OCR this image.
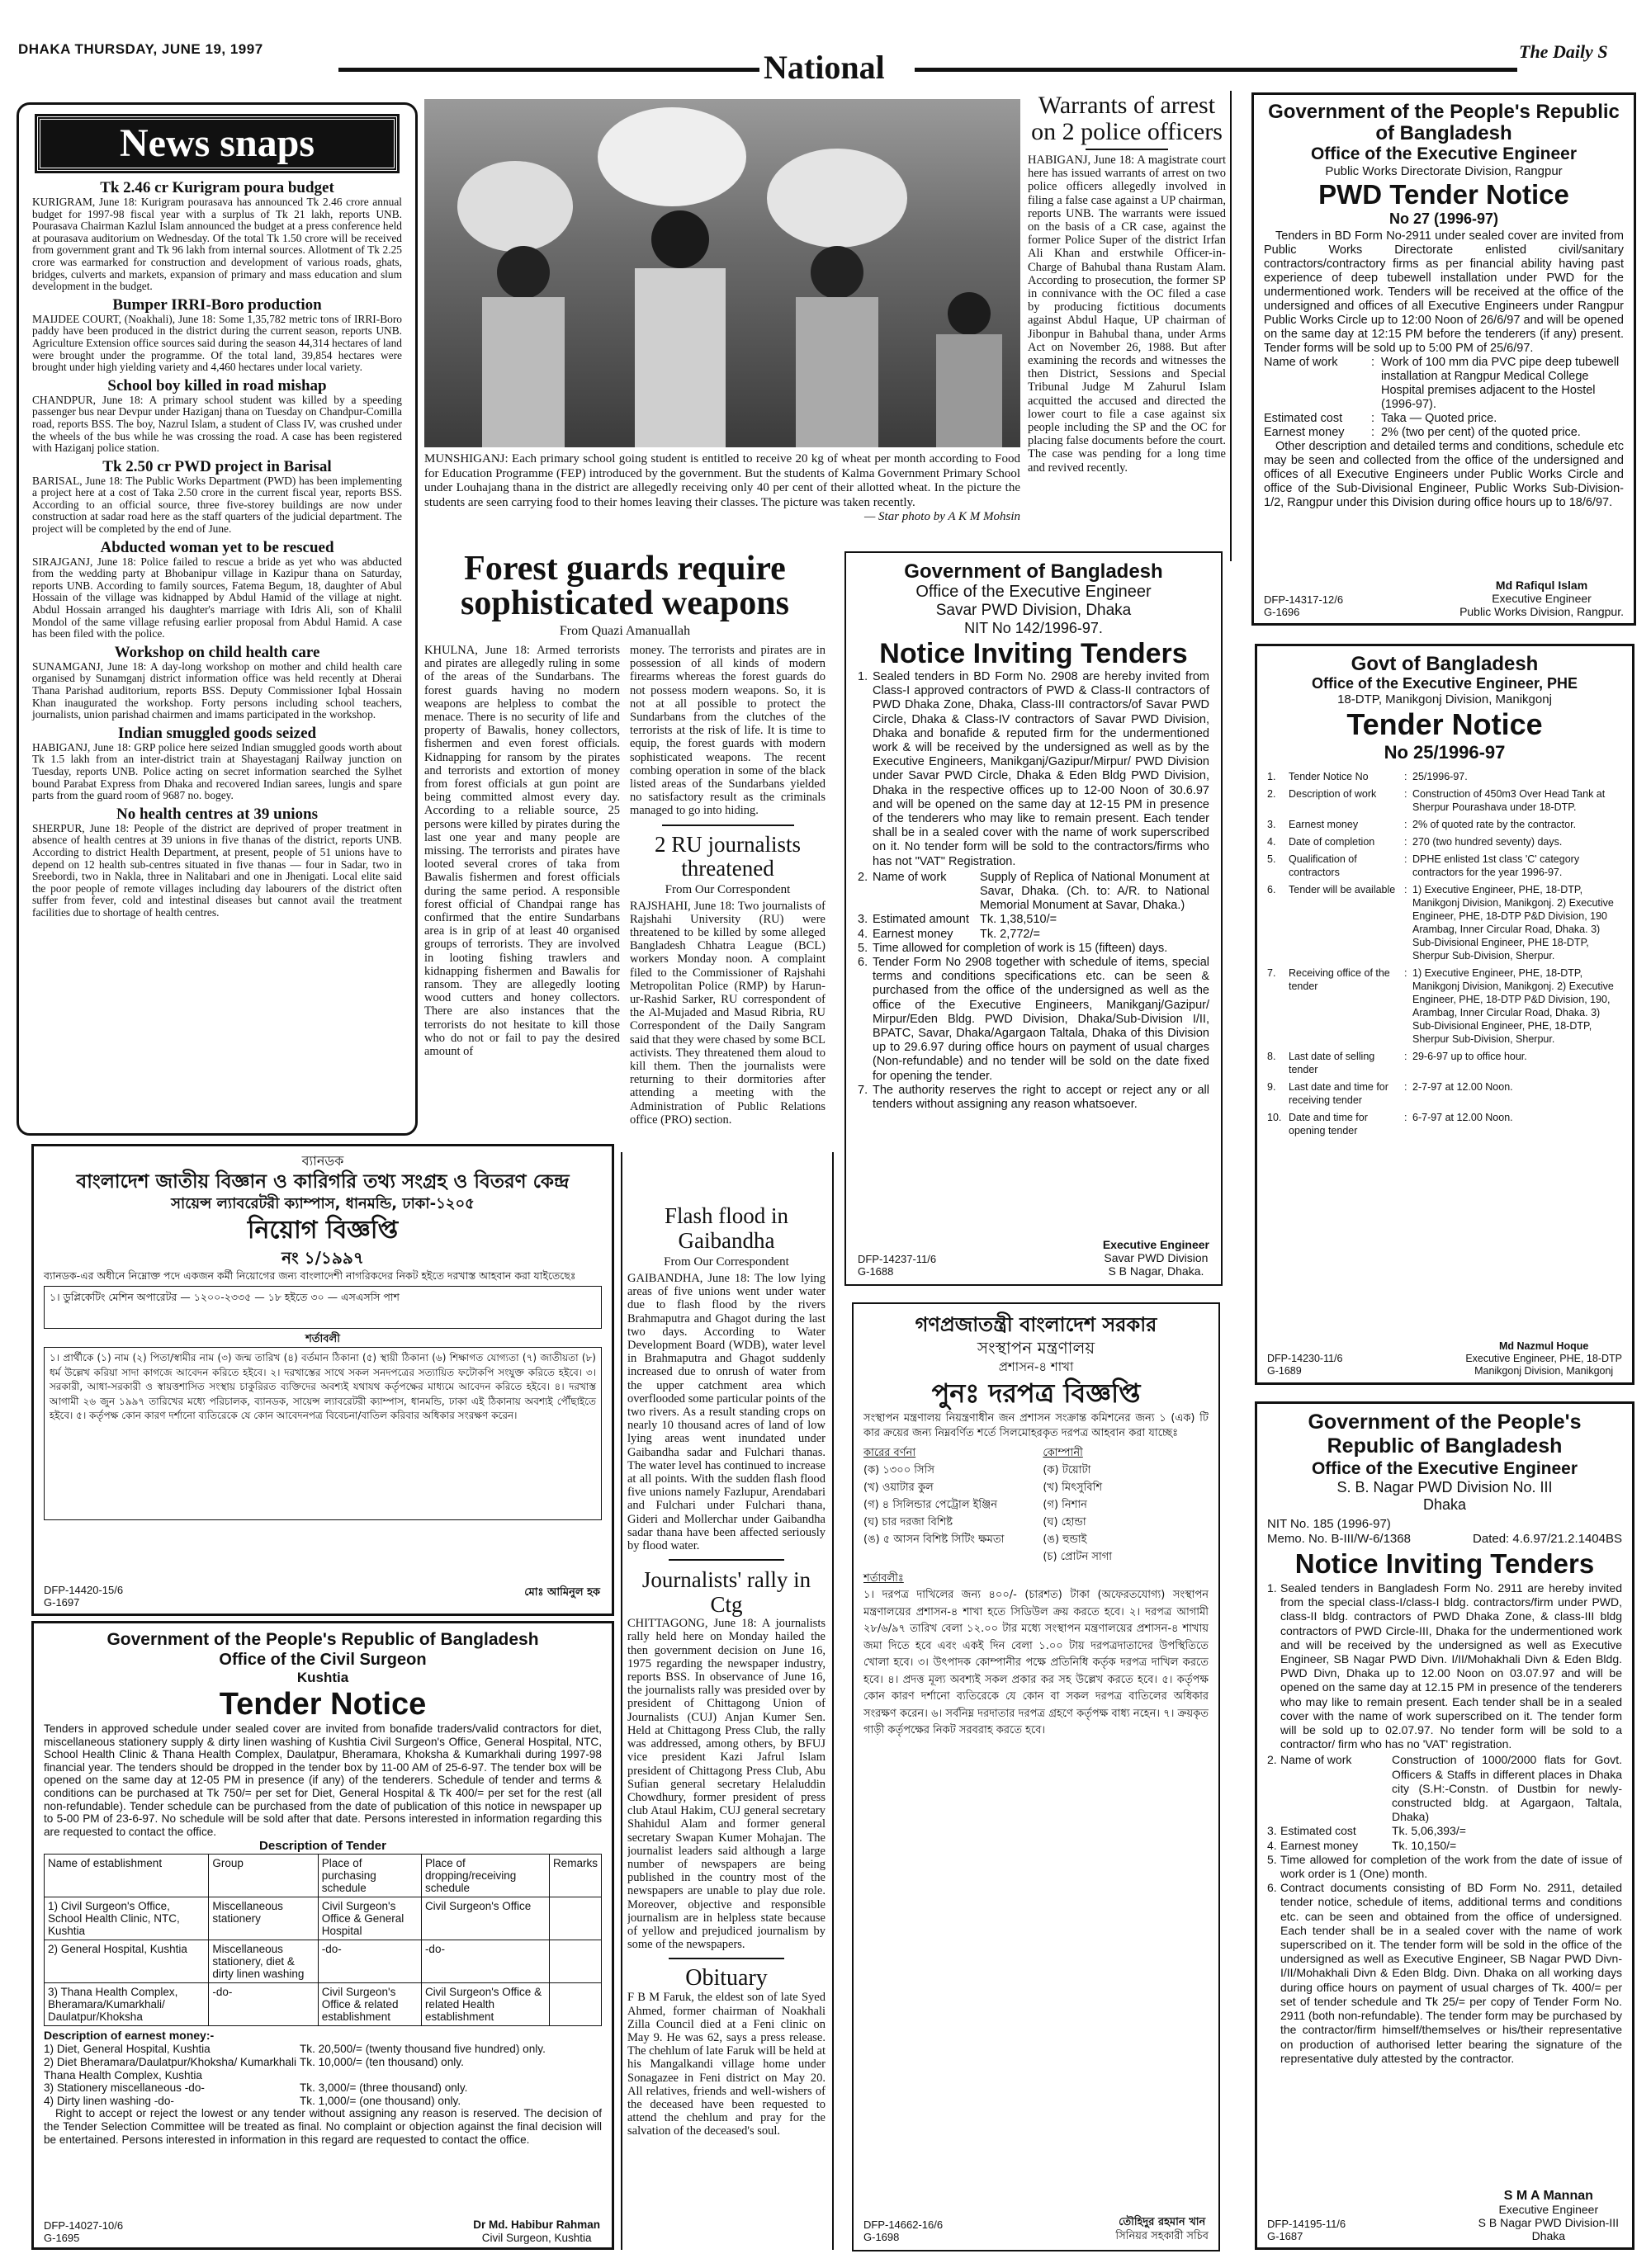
DHAKA THURSDAY, JUNE 19, 1997	National	The Daily S
News snaps
Tk 2.46 cr Kurigram poura budget
KURIGRAM, June 18: Kurigram pourasava has announced Tk 2.46 crore annual budget for 1997-98 fiscal year with a surplus of Tk 21 lakh, reports UNB. Pourasava Chairman Kazlul Islam announced the budget at a press conference held at pourasava auditorium on Wednesday. Of the total Tk 1.50 crore will be received from government grant and Tk 96 lakh from internal sources. Allotment of Tk 2.25 crore was earmarked for construction and development of various roads, ghats, bridges, culverts and markets, expansion of primary and mass education and slum development in the budget.
Bumper IRRI-Boro production
MAIJDEE COURT, (Noakhali), June 18: Some 1,35,782 metric tons of IRRI-Boro paddy have been produced in the district during the current season, reports UNB. Agriculture Extension office sources said during the season 44,314 hectares of land were brought under the programme. Of the total land, 39,854 hectares were brought under high yielding variety and 4,460 hectares under local variety.
School boy killed in road mishap
CHANDPUR, June 18: A primary school student was killed by a speeding passenger bus near Devpur under Haziganj thana on Tuesday on Chandpur-Comilla road, reports BSS. The boy, Nazrul Islam, a student of Class IV, was crushed under the wheels of the bus while he was crossing the road. A case has been registered with Haziganj police station.
Tk 2.50 cr PWD project in Barisal
BARISAL, June 18: The Public Works Department (PWD) has been implementing a project here at a cost of Taka 2.50 crore in the current fiscal year, reports BSS. According to an official source, three five-storey buildings are now under construction at sadar road here as the staff quarters of the judicial department. The project will be completed by the end of June.
Abducted woman yet to be rescued
SIRAJGANJ, June 18: Police failed to rescue a bride as yet who was abducted from the wedding party at Bhobanipur village in Kazipur thana on Saturday, reports UNB. According to family sources, Fatema Begum, 18, daughter of Abul Hossain of the village was kidnapped by Abdul Hamid of the village at night. Abdul Hossain arranged his daughter's marriage with Idris Ali, son of Khalil Mondol of the same village refusing earlier proposal from Abdul Hamid. A case has been filed with the police.
Workshop on child health care
SUNAMGANJ, June 18: A day-long workshop on mother and child health care organised by Sunamganj district information office was held recently at Dherai Thana Parishad auditorium, reports BSS. Deputy Commissioner Iqbal Hossain Khan inaugurated the workshop. Forty persons including school teachers, journalists, union parishad chairmen and imams participated in the workshop.
Indian smuggled goods seized
HABIGANJ, June 18: GRP police here seized Indian smuggled goods worth about Tk 1.5 lakh from an inter-district train at Shayestaganj Railway junction on Tuesday, reports UNB. Police acting on secret information searched the Sylhet bound Parabat Express from Dhaka and recovered Indian sarees, lungis and spare parts from the guard room of 9687 no. bogey.
No health centres at 39 unions
SHERPUR, June 18: People of the district are deprived of proper treatment in absence of health centres at 39 unions in five thanas of the district, reports UNB. According to district Health Department, at present, people of 51 unions have to depend on 12 health sub-centres situated in five thanas — four in Sadar, two in Sreebordi, two in Nakla, three in Nalitabari and one in Jhenigati. Local elite said the poor people of remote villages including day labourers of the district often suffer from fever, cold and intestinal diseases but cannot avail the treatment facilities due to shortage of health centres.
MUNSHIGANJ: Each primary school going student is entitled to receive 20 kg of wheat per month according to Food for Education Programme (FEP) introduced by the government. But the students of Kalma Government Primary School under Louhajang thana in the district are allegedly receiving only 40 per cent of their allotted wheat. In the picture the students are seen carrying food to their homes leaving their classes. The picture was taken recently.
— Star photo by A K M Mohsin
Warrants of arrest on 2 police officers
HABIGANJ, June 18: A magistrate court here has issued warrants of arrest on two police officers allegedly involved in filing a false case against a UP chairman, reports UNB. The warrants were issued on the basis of a CR case, against the former Police Super of the district Irfan Ali Khan and erstwhile Officer-in-Charge of Bahubal thana Rustam Alam. According to prosecution, the former SP in connivance with the OC filed a case by producing fictitious documents against Abdul Haque, UP chairman of Jibonpur in Bahubal thana, under Arms Act on November 26, 1988. But after examining the records and witnesses the then District, Sessions and Special Tribunal Judge M Zahurul Islam acquitted the accused and directed the lower court to file a case against six people including the SP and the OC for placing false documents before the court. The case was pending for a long time and revived recently.
Forest guards require sophisticated weapons
From Quazi Amanuallah
KHULNA, June 18: Armed terrorists and pirates are allegedly ruling in some of the areas of the Sundarbans. The forest guards having no modern weapons are helpless to combat the menace. There is no security of life and property of Bawalis, honey collectors, fishermen and even forest officials. Kidnapping for ransom by the pirates and terrorists and extortion of money from forest officials at gun point are being committed almost every day. According to a reliable source, 25 persons were killed by pirates during the last one year and many people are missing. The terrorists and pirates have looted several crores of taka from Bawalis fishermen and forest officials during the same period. A responsible forest official of Chandpai range has confirmed that the entire Sundarbans area is in grip of at least 40 organised groups of terrorists. They are involved in looting fishing trawlers and kidnapping fishermen and Bawalis for ransom. They are allegedly looting wood cutters and honey collectors. There are also instances that the terrorists do not hesitate to kill those who do not or fail to pay the desired amount of
money. The terrorists and pirates are in possession of all kinds of modern firearms whereas the forest guards do not possess modern weapons. So, it is not at all possible to protect the Sundarbans from the clutches of the terrorists at the risk of life. It is time to equip, the forest guards with modern sophisticated weapons. The recent combing operation in some of the black listed areas of the Sundarbans yielded no satisfactory result as the criminals managed to go into hiding.
2 RU journalists threatened
From Our Correspondent
RAJSHAHI, June 18: Two journalists of Rajshahi University (RU) were threatened to be killed by some alleged Bangladesh Chhatra League (BCL) workers Monday noon. A complaint filed to the Commissioner of Rajshahi Metropolitan Police (RMP) by Harun-ur-Rashid Sarker, RU correspondent of the Al-Mujaded and Masud Ribria, RU Correspondent of the Daily Sangram said that they were chased by some BCL activists. They threatened them aloud to kill them. Then the journalists were returning to their dormitories after attending a meeting with the Administration of Public Relations office (PRO) section.
Flash flood in Gaibandha
From Our Correspondent
GAIBANDHA, June 18: The low lying areas of five unions went under water due to flash flood by the rivers Brahmaputra and Ghagot during the last two days. According to Water Development Board (WDB), water level in Brahmaputra and Ghagot suddenly increased due to onrush of water from the upper catchment area which overflooded some particular points of the two rivers. As a result standing crops on nearly 10 thousand acres of land of low lying areas went inundated under Gaibandha sadar and Fulchari thanas. The water level has continued to increase at all points. With the sudden flash flood five unions namely Fazlupur, Arendabari and Fulchari under Fulchari thana, Gideri and Mollerchar under Gaibandha sadar thana have been affected seriously by flood water.
Journalists' rally in Ctg
CHITTAGONG, June 18: A journalists rally held here on Monday hailed the then government decision on June 16, 1975 regarding the newspaper industry, reports BSS. In observance of June 16, the journalists rally was presided over by president of Chittagong Union of Journalists (CUJ) Anjan Kumer Sen. Held at Chittagong Press Club, the rally was addressed, among others, by BFUJ vice president Kazi Jafrul Islam president of Chittagong Press Club, Abu Sufian general secretary Helaluddin Chowdhury, former president of press club Ataul Hakim, CUJ general secretary Shahidul Alam and former general secretary Swapan Kumer Mohajan. The journalist leaders said although a large number of newspapers are being published in the country most of the newspapers are unable to play due role. Moreover, objective and responsible journalism are in helpless state because of yellow and prejudiced journalism by some of the newspapers.
Obituary
F B M Faruk, the eldest son of late Syed Ahmed, former chairman of Noakhali Zilla Council died at a Feni clinic on May 9. He was 62, says a press release. The chehlum of late Faruk will be held at his Mangalkandi village home under Sonagazee in Feni district on May 20. All relatives, friends and well-wishers of the deceased have been requested to attend the chehlum and pray for the salvation of the deceased's soul.
Government of Bangladesh
Office of the Executive Engineer
Savar PWD Division, Dhaka
NIT No 142/1996-97.
Notice Inviting Tenders
1. Sealed tenders in BD Form No. 2908 are hereby invited from Class-I approved contractors of PWD & Class-II contractors of PWD Dhaka Zone, Dhaka, Class-III contractors/of Savar PWD Circle, Dhaka & Class-IV contractors of Savar PWD Division, Dhaka and bonafide & reputed firm for the undermentioned work & will be received by the undersigned as well as by the Executive Engineers, Manikganj/Gazipur/Mirpur/ PWD Division under Savar PWD Circle, Dhaka & Eden Bldg PWD Division, Dhaka in the respective offices up to 12-00 Noon of 30.6.97 and will be opened on the same day at 12-15 PM in presence of the tenderers who may like to remain present. Each tender shall be in a sealed cover with the name of work superscribed on it. No tender form will be sold to the contractors/firms who has not "VAT" Registration.
2. Name of work	Supply of Replica of National Monument at Savar, Dhaka. (Ch. to: A/R. to National Memorial Monument at Savar, Dhaka.)
3. Estimated amount Tk. 1,38,510/=
4. Earnest money	Tk. 2,772/=
5. Time allowed for completion of work is 15 (fifteen) days.
6. Tender Form No 2908 together with schedule of items, special terms and conditions specifications etc. can be seen & purchased from the office of the undersigned as well as the office of the Executive Engineers, Manikganj/Gazipur/ Mirpur/Eden Bldg. PWD Division, Dhaka/Sub-Division I/II, BPATC, Savar, Dhaka/Agargaon Taltala, Dhaka of this Division up to 29.6.97 during office hours on payment of usual charges (Non-refundable) and no tender will be sold on the date fixed for opening the tender.
7. The authority reserves the right to accept or reject any or all tenders without assigning any reason whatsoever.
Executive Engineer
Savar PWD Division
S B Nagar, Dhaka.
DFP-14237-11/6
G-1688
গণপ্রজাতন্ত্রী বাংলাদেশ সরকার
সংস্থাপন মন্ত্রণালয়
প্রশাসন-৪ শাখা
পুনঃ দরপত্র বিজ্ঞপ্তি
সংস্থাপন মন্ত্রণালয় নিয়ন্ত্রণাধীন জন প্রশাসন সংক্রান্ত কমিশনের জন্য ১ (এক) টি কার ক্রয়ের জন্য নিম্নবর্ণিত শর্তে সিলমোহরকৃত দরপত্র আহবান করা যাচ্ছেঃ
কারের বর্ণনা
(ক) ১৩০০ সিসি
(খ) ওয়াটার কুল
(গ) ৪ সিলিন্ডার পেট্রোল ইঞ্জিন
(ঘ) চার দরজা বিশিষ্ট
(ঙ) ৫ আসন বিশিষ্ট সিটিং ক্ষমতা
কোম্পানী
(ক) টয়োটা
(খ) মিৎসুবিশি
(গ) নিশান
(ঘ) হোন্ডা
(ঙ) হুন্ডাই
(চ) প্রোটন সাগা
শর্তাবলীঃ
১। দরপত্র দাখিলের জন্য ৪০০/- (চারশত) টাকা (অফেরতযোগ্য) সংস্থাপন মন্ত্রণালয়ের প্রশাসন-৪ শাখা হতে সিডিউল ক্রয় করতে হবে। ২। দরপত্র আগামী ২৮/৬/৯৭ তারিখ বেলা ১২.০০ টার মধ্যে সংস্থাপন মন্ত্রণালয়ের প্রশাসন-৪ শাখায় জমা দিতে হবে এবং একই দিন বেলা ১.০০ টায় দরপত্রদাতাদের উপস্থিতিতে খোলা হবে। ৩। উৎপাদক কোম্পানীর পক্ষে প্রতিনিধি কর্তৃক দরপত্র দাখিল করতে হবে। ৪। প্রদত্ত মূল্য অবশ্যই সকল প্রকার কর সহ উল্লেখ করতে হবে। ৫। কর্তৃপক্ষ কোন কারণ দর্শানো ব্যতিরেকে যে কোন বা সকল দরপত্র বাতিলের অধিকার সংরক্ষণ করেন। ৬। সর্বনিম্ন দরদাতার দরপত্র গ্রহণে কর্তৃপক্ষ বাধ্য নহেন। ৭। ক্রয়কৃত গাড়ী কর্তৃপক্ষের নিকট সরবরাহ করতে হবে।
DFP-14662-16/6
G-1698
তৌহিদুর রহমান খান
সিনিয়র সহকারী সচিব
Government of the People's Republic of Bangladesh
Office of the Executive Engineer
Public Works Directorate Division, Rangpur
PWD Tender Notice
No 27 (1996-97)
Tenders in BD Form No-2911 under sealed cover are invited from Public Works Directorate enlisted civil/sanitary contractors/contractory firms as per financial ability having past experience of deep tubewell installation under PWD for the undermentioned work. Tenders will be received at the office of the undersigned and offices of all Executive Engineers under Rangpur Public Works Circle up to 12:00 Noon of 26/6/97 and will be opened on the same day at 12:15 PM before the tenderers (if any) present. Tender forms will be sold up to 5:00 PM of 25/6/97.
Name of work	: Work of 100 mm dia PVC pipe deep tubewell installation at Rangpur Medical College Hospital premises adjacent to the Hostel (1996-97).
Estimated cost	: Taka — Quoted price.
Earnest money	: 2% (two per cent) of the quoted price.
Other description and detailed terms and conditions, schedule etc may be seen and collected from the office of the undersigned and offices of all Executive Engineers under Public Works Circle and office of the Sub-Divisional Engineer, Public Works Sub-Division-1/2, Rangpur under this Division during office hours up to 18/6/97.
Md Rafiqul Islam
Executive Engineer
Public Works Division, Rangpur.
DFP-14317-12/6
G-1696
Govt of Bangladesh
Office of the Executive Engineer, PHE
18-DTP, Manikgonj Division, Manikgonj
Tender Notice
No 25/1996-97
1.	Tender Notice No	: 25/1996-97.
2.	Description of work	: Construction of 450m3 Over Head Tank at Sherpur Pourashava under 18-DTP.
3.	Earnest money	: 2% of quoted rate by the contractor.
4.	Date of completion	: 270 (two hundred seventy) days.
5.	Qualification of contractors
: DPHE enlisted 1st class 'C' category contractors for the year 1996-97.
6.	Tender will be available : 1) Executive Engineer, PHE, 18-DTP, Manikgonj Division, Manikgonj. 2) Executive Engineer, PHE, 18-DTP P&D Division, 190 Arambag, Inner Circular Road, Dhaka. 3) Sub-Divisional Engineer, PHE 18-DTP, Sherpur Sub-Division, Sherpur.
7.	Receiving office of the tender
: 1) Executive Engineer, PHE, 18-DTP, Manikgonj Division, Manikgonj. 2) Executive Engineer, PHE, 18-DTP P&D Division, 190, Arambag, Inner Circular Road, Dhaka. 3) Sub-Divisional Engineer, PHE, 18-DTP, Sherpur Sub-Division, Sherpur.
8.	Last date of selling tender
: 29-6-97 up to office hour.
9.	Last date and time for receiving tender
: 2-7-97 at 12.00 Noon.
10. Date and time for opening tender
: 6-7-97 at 12.00 Noon.
Md Nazmul Hoque
Executive Engineer, PHE, 18-DTP
Manikgonj Division, Manikgonj
DFP-14230-11/6
G-1689
Government of the People's Republic of Bangladesh
Office of the Executive Engineer
S. B. Nagar PWD Division No. III
Dhaka
NIT No. 185 (1996-97)
Memo. No. B-III/W-6/1368	Dated: 4.6.97/21.2.1404BS
Notice Inviting Tenders
1. Sealed tenders in Bangladesh Form No. 2911 are hereby invited from the special class-I/class-I bldg. contractors/firm under PWD, class-II bldg. contractors of PWD Dhaka Zone, & class-III bldg contractors of PWD Circle-III, Dhaka for the undermentioned work and will be received by the undersigned as well as Executive Engineer, SB Nagar PWD Divn. I/II/Mohakhali Divn & Eden Bldg. PWD Divn, Dhaka up to 12.00 Noon on 03.07.97 and will be opened on the same day at 12.15 PM in presence of the tenderers who may like to remain present. Each tender shall be in a sealed cover with the name of work superscribed on it. The tender form will be sold up to 02.07.97. No tender form will be sold to a contractor/ firm who has no 'VAT' registration.
2. Name of work	Construction of 1000/2000 flats for Govt. Officers & Staffs in different places in Dhaka city (S.H:-Constn. of Dustbin for newly-constructed bldg. at Agargaon, Taltala, Dhaka)
3. Estimated cost	Tk. 5,06,393/=
4. Earnest money	Tk. 10,150/=
5. Time allowed for completion of the work from the date of issue of work order is 1 (One) month.
6. Contract documents consisting of BD Form No. 2911, detailed tender notice, schedule of items, additional terms and conditions etc. can be seen and obtained from the office of undersigned. Each tender shall be in a sealed cover with the name of work superscribed on it. The tender form will be sold in the office of the undersigned as well as Executive Engineer, SB Nagar PWD Divn-I/II/Mohakhali Divn & Eden Bldg. Divn. Dhaka on all working days during office hours on payment of usual charges of Tk. 400/= per set of tender schedule and Tk 25/= per copy of Tender Form No. 2911 (both non-refundable). The tender form may be purchased by the contractor/firm himself/themselves or his/their representative on production of authorised letter bearing the signature of the representative duly attested by the contractor.
S M A Mannan
Executive Engineer
S B Nagar PWD Division-III
Dhaka
DFP-14195-11/6
G-1687
ব্যানডক
বাংলাদেশ জাতীয় বিজ্ঞান ও কারিগরি তথ্য সংগ্রহ ও বিতরণ কেন্দ্র
সায়েন্স ল্যাবরেটরী ক্যাম্পাস, ধানমন্ডি, ঢাকা-১২০৫
নিয়োগ বিজ্ঞপ্তি
নং ১/১৯৯৭
ব্যানডক-এর অধীনে নিম্নোক্ত পদে একজন কর্মী নিয়োগের জন্য বাংলাদেশী নাগরিকদের নিকট হইতে দরখাস্ত আহবান করা যাইতেছেঃ
১। ডুপ্লিকেটিং মেশিন অপারেটর — ১২০০-২৩৩৫ — ১৮ হইতে ৩০ — এসএসসি পাশ
শর্তাবলী
১। প্রার্থীকে (১) নাম (২) পিতা/স্বামীর নাম (৩) জন্ম তারিখ (৪) বর্তমান ঠিকানা (৫) স্থায়ী ঠিকানা (৬) শিক্ষাগত যোগ্যতা (৭) জাতীয়তা (৮) ধর্ম উল্লেখ করিয়া সাদা কাগজে আবেদন করিতে হইবে। ২। দরখাস্তের সাথে সকল সনদপত্রের সত্যায়িত ফটোকপি সংযুক্ত করিতে হইবে। ৩। সরকারী, আধা-সরকারী ও স্বায়ত্তশাসিত সংস্থায় চাকুরিরত ব্যক্তিদের অবশ্যই যথাযথ কর্তৃপক্ষের মাধ্যমে আবেদন করিতে হইবে। ৪। দরখাস্ত আগামী ২৬ জুন ১৯৯৭ তারিখের মধ্যে পরিচালক, ব্যানডক, সায়েন্স ল্যাবরেটরী ক্যাম্পাস, ধানমন্ডি, ঢাকা এই ঠিকানায় অবশ্যই পৌঁছাইতে হইবে। ৫। কর্তৃপক্ষ কোন কারণ দর্শানো ব্যতিরেকে যে কোন আবেদনপত্র বিবেচনা/বাতিল করিবার অধিকার সংরক্ষণ করেন।
DFP-14420-15/6
G-1697
মোঃ আমিনুল হক
Government of the People's Republic of Bangladesh
Office of the Civil Surgeon
Kushtia
Tender Notice
Tenders in approved schedule under sealed cover are invited from bonafide traders/valid contractors for diet, miscellaneous stationery supply & dirty linen washing of Kushtia Civil Surgeon's Office, General Hospital, NTC, School Health Clinic & Thana Health Complex, Daulatpur, Bheramara, Khoksha & Kumarkhali during 1997-98 financial year. The tenders should be dropped in the tender box by 11-00 AM of 25-6-97. The tender box will be opened on the same day at 12-05 PM in presence (if any) of the tenderers. Schedule of tender and terms & conditions can be purchased at Tk 750/= per set for Diet, General Hospital & Tk 400/= per set for the rest (all non-refundable). Tender schedule can be purchased from the date of publication of this notice in newspaper up to 5-00 PM of 23-6-97. No schedule will be sold after that date. Persons interested in information regarding this are requested to contact the office.
Description of Tender
Name of establishment	Group	Place of purchasing schedule	Place of dropping/receiving schedule	Remarks
1) Civil Surgeon's Office, School Health Clinic, NTC, Kushtia	Miscellaneous stationery	Civil Surgeon's Office & General Hospital	Civil Surgeon's Office	
2) General Hospital, Kushtia	Miscellaneous stationery, diet & dirty linen washing	-do-	-do-	
3) Thana Health Complex, Bheramara/Kumarkhali/ Daulatpur/Khoksha	-do-	Civil Surgeon's Office & related establishment	Civil Surgeon's Office & related Health establishment	
Description of earnest money:-
1) Diet, General Hospital, Kushtia	Tk. 20,500/= (twenty thousand five hundred) only.
2) Diet Bheramara/Daulatpur/Khoksha/ Kumarkhali Thana Health Complex, Kushtia
Tk. 10,000/= (ten thousand) only.
3) Stationery miscellaneous -do-	Tk. 3,000/= (three thousand) only.
4) Dirty linen washing -do-	Tk. 1,000/= (one thousand) only.
Right to accept or reject the lowest or any tender without assigning any reason is reserved. The decision of the Tender Selection Committee will be treated as final. No complaint or objection against the final decision will be entertained. Persons interested in information in this regard are requested to contact the office.
DFP-14027-10/6
G-1695
Dr Md. Habibur Rahman
Civil Surgeon, Kushtia
